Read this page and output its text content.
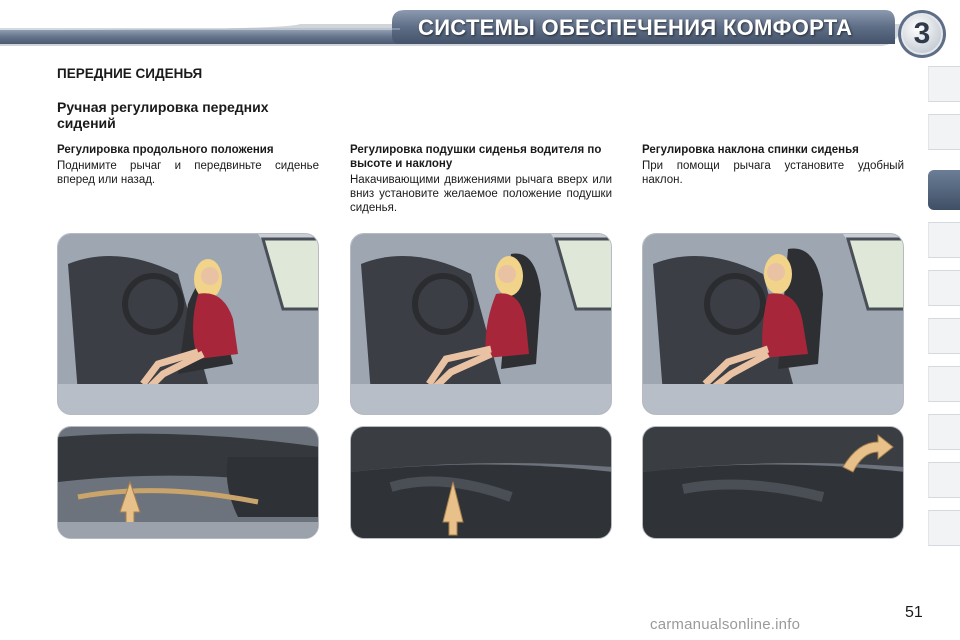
СИСТЕМЫ ОБЕСПЕЧЕНИЯ КОМФОРТА	3
ПЕРЕДНИЕ СИДЕНЬЯ
Ручная регулировка передних сидений
Регулировка продольного положения
Поднимите рычаг и передвиньте сиденье вперед или назад.
Регулировка подушки сиденья водителя по высоте и наклону
Накачивающими движениями рычага вверх или вниз установите желаемое положение подушки сиденья.
Регулировка наклона спинки сиденья
При помощи рычага установите удобный наклон.
51
carmanualsonline.info
